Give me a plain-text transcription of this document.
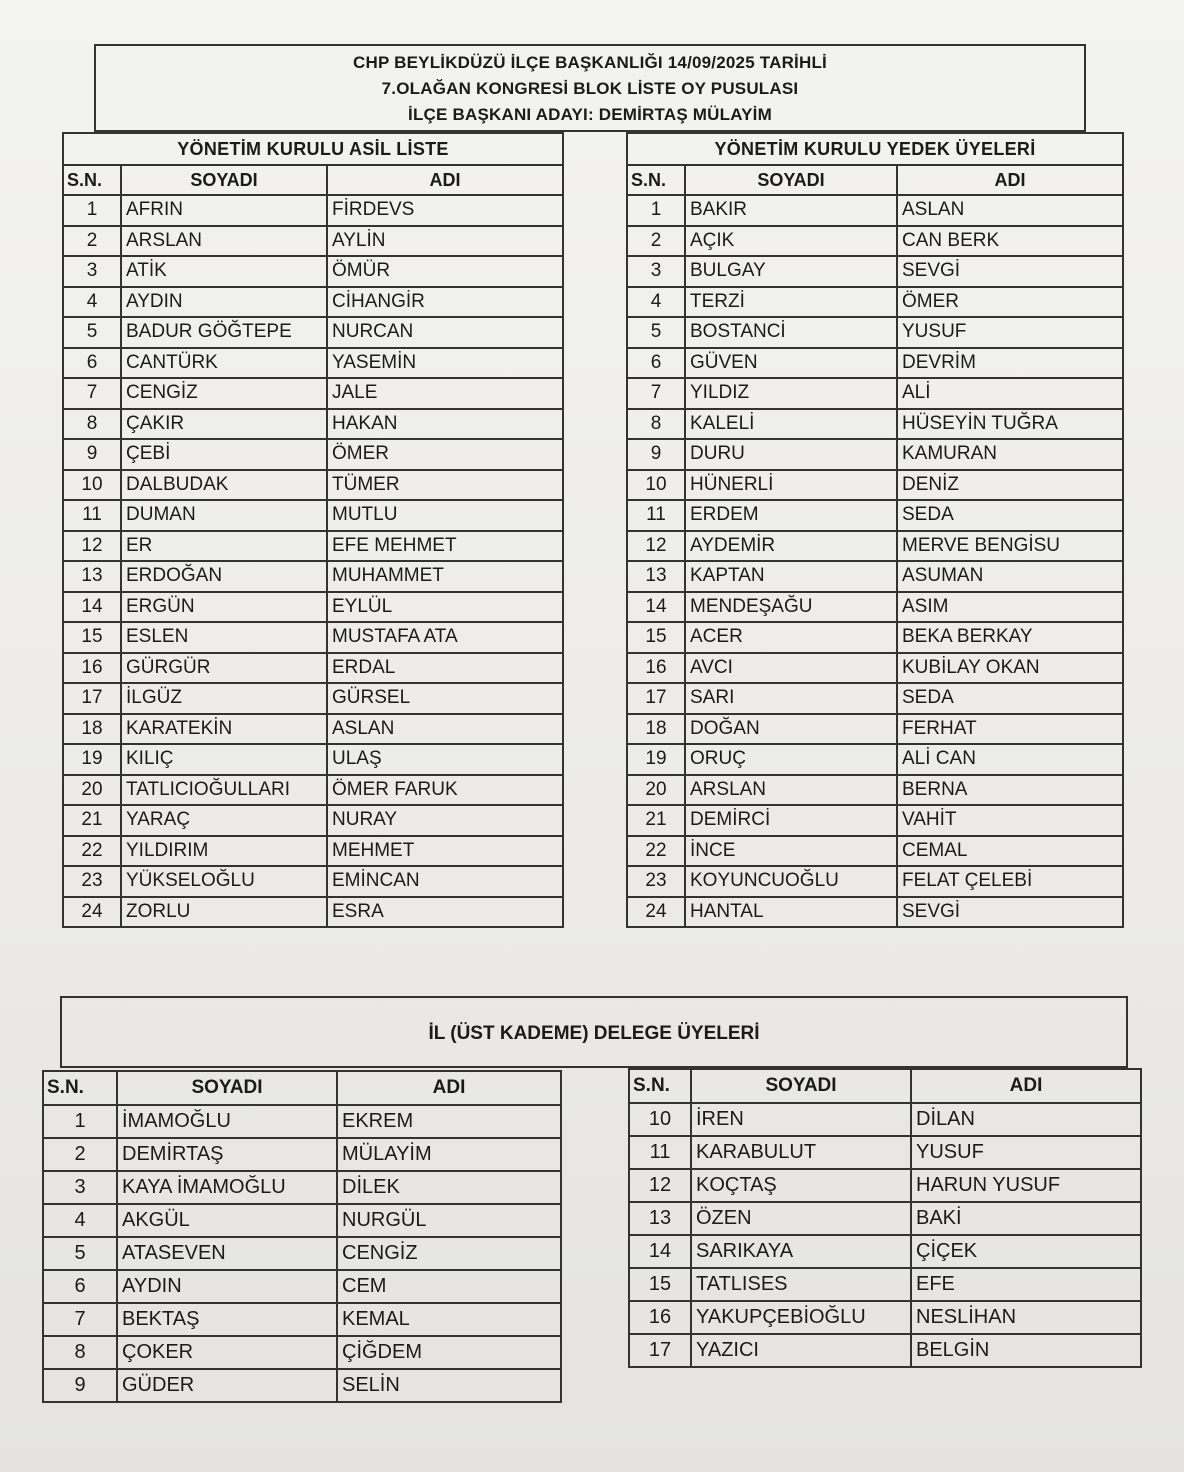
CHP BEYLİKDÜZÜ İLÇE BAŞKANLIĞI 14/09/2025 TARİHLİ
7.OLAĞAN KONGRESİ BLOK LİSTE OY PUSULASI
İLÇE BAŞKANI ADAYI: DEMİRTAŞ MÜLAYİM
YÖNETİM KURULU ASİL LİSTE
S.N.	SOYADI	ADI
1	AFRIN	FİRDEVS
2	ARSLAN	AYLİN
3	ATİK	ÖMÜR
4	AYDIN	CİHANGİR
5	BADUR GÖĞTEPE	NURCAN
6	CANTÜRK	YASEMİN
7	CENGİZ	JALE
8	ÇAKIR	HAKAN
9	ÇEBİ	ÖMER
10	DALBUDAK	TÜMER
11	DUMAN	MUTLU
12	ER	EFE MEHMET
13	ERDOĞAN	MUHAMMET
14	ERGÜN	EYLÜL
15	ESLEN	MUSTAFA ATA
16	GÜRGÜR	ERDAL
17	İLGÜZ	GÜRSEL
18	KARATEKİN	ASLAN
19	KILIÇ	ULAŞ
20	TATLICIOĞULLARI	ÖMER FARUK
21	YARAÇ	NURAY
22	YILDIRIM	MEHMET
23	YÜKSELOĞLU	EMİNCAN
24	ZORLU	ESRA
YÖNETİM KURULU YEDEK ÜYELERİ
S.N.	SOYADI	ADI
1	BAKIR	ASLAN
2	AÇIK	CAN BERK
3	BULGAY	SEVGİ
4	TERZİ	ÖMER
5	BOSTANCİ	YUSUF
6	GÜVEN	DEVRİM
7	YILDIZ	ALİ
8	KALELİ	HÜSEYİN TUĞRA
9	DURU	KAMURAN
10	HÜNERLİ	DENİZ
11	ERDEM	SEDA
12	AYDEMİR	MERVE BENGİSU
13	KAPTAN	ASUMAN
14	MENDEŞAĞU	ASIM
15	ACER	BEKA BERKAY
16	AVCI	KUBİLAY OKAN
17	SARI	SEDA
18	DOĞAN	FERHAT
19	ORUÇ	ALİ CAN
20	ARSLAN	BERNA
21	DEMİRCİ	VAHİT
22	İNCE	CEMAL
23	KOYUNCUOĞLU	FELAT ÇELEBİ
24	HANTAL	SEVGİ
İL (ÜST KADEME) DELEGE ÜYELERİ
S.N.	SOYADI	ADI
1	İMAMOĞLU	EKREM
2	DEMİRTAŞ	MÜLAYİM
3	KAYA İMAMOĞLU	DİLEK
4	AKGÜL	NURGÜL
5	ATASEVEN	CENGİZ
6	AYDIN	CEM
7	BEKTAŞ	KEMAL
8	ÇOKER	ÇİĞDEM
9	GÜDER	SELİN
S.N.	SOYADI	ADI
10	İREN	DİLAN
11	KARABULUT	YUSUF
12	KOÇTAŞ	HARUN YUSUF
13	ÖZEN	BAKİ
14	SARIKAYA	ÇİÇEK
15	TATLISES	EFE
16	YAKUPÇEBİOĞLU	NESLİHAN
17	YAZICI	BELGİN
